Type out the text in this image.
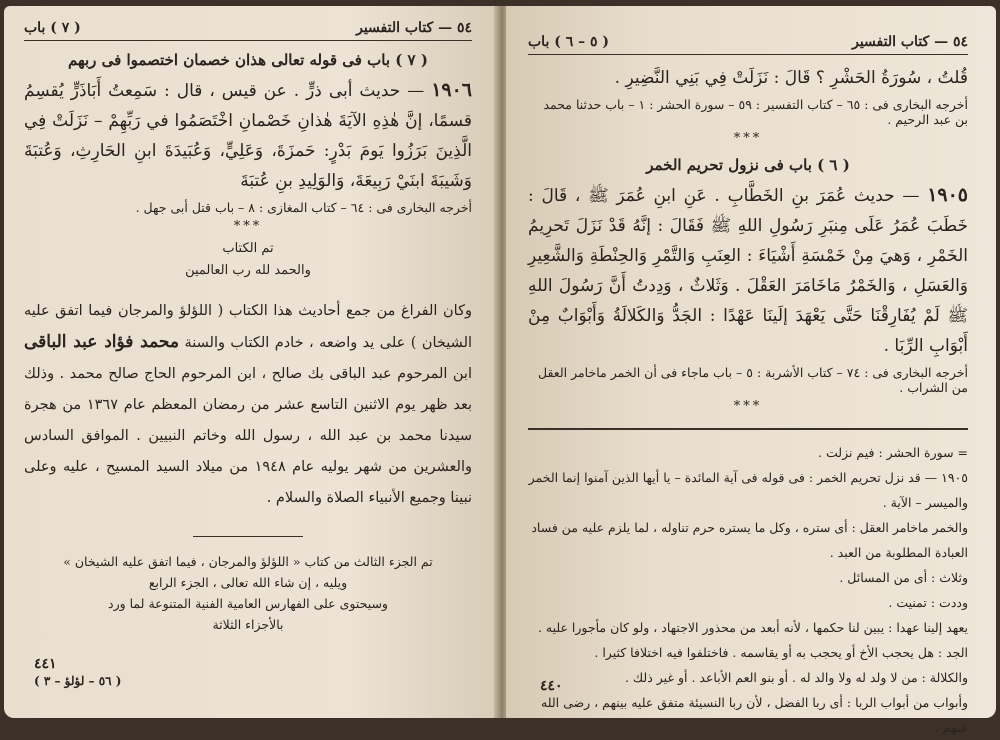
٥٤ — كتاب التفسير
( ٧ ) باب
( ٧ ) باب فى قوله تعالى هذان خصمان اختصموا فى ربهم
١٩٠٦ — حديث أبى ذرٍّ . عن قيس ، قال : سَمِعتُ أَبَاذَرٍّ يُقسِمُ قسمًا، إنَّ هٰذِهِ الآيَةَ هٰذانِ خَصْمانِ اخْتَصَمُوا في رَبِّهِمْ – نَزَلَتْ فِي الَّذِينَ بَرَزُوا يَومَ بَدْرٍ: حَمزَةَ، وَعَلِيٍّ، وَعُبَيدَةَ ابنِ الحَارِثِ، وَعُتبَةَ وَشَيبَةَ ابنَيْ رَبِيعَةَ، وَالوَلِيدِ بنِ عُتبَةَ
أخرجه البخارى فى : ٦٤ – كتاب المغازى : ٨ – باب قتل أبى جهل .
***
تم الكتاب
والحمد لله رب العالمين
وكان الفراغ من جمع أحاديث هذا الكتاب ( اللؤلؤ والمرجان فيما اتفق عليه الشيخان ) على يد واضعه ، خادم الكتاب والسنة محمد فؤاد عبد الباقى ابن المرحوم عبد الباقى بك صالح ، ابن المرحوم الحاج صالح محمد . وذلك بعد ظهر يوم الاثنين التاسع عشر من رمضان المعظم عام ١٣٦٧ من هجرة سيدنا محمد بن عبد الله ، رسول الله وخاتم النبيين . الموافق السادس والعشرين من شهر يوليه عام ١٩٤٨ من ميلاد السيد المسيح ، عليه وعلى نبينا وجميع الأنبياء الصلاة والسلام .
تم الجزء الثالث من كتاب « اللؤلؤ والمرجان ، فيما اتفق عليه الشيخان »
ويليه ، إن شاء الله تعالى ، الجزء الرابع
وسيحتوى على الفهارس العامية الفنية المتنوعة لما ورد
بالأجزاء الثلاثة
٤٤١
( ٥٦ – لؤلؤ – ٣ )
٥٤ — كتاب التفسير
( ٥ – ٦ ) باب
قُلتُ ، سُورَةُ الحَشْرِ ؟ قَالَ : نَزَلَتْ فِي بَنِي النَّضِيرِ .
أخرجه البخارى فى : ٦٥ – كتاب التفسير : ٥٩ – سورة الحشر : ١ – باب حدثنا محمد بن عبد الرحيم .
***
( ٦ ) باب فى نزول تحريم الخمر
١٩٠٥ — حديث عُمَرَ بنِ الخَطَّابِ . عَنِ ابنِ عُمَرَ ﷺ ، قَالَ : خَطَبَ عُمَرُ عَلَى مِنبَرِ رَسُولِ اللهِ ﷺ فَقَالَ : إنَّهُ قَدْ نَزَلَ تَحرِيمُ الخَمْرِ ، وَهيَ مِنْ خَمْسَةِ أَشْيَاءَ : العِنَبِ وَالتَّمْرِ وَالحِنْطَةِ وَالشَّعِيرِ وَالعَسَلِ ، وَالخَمْرُ مَاخَامَرَ العَقْلَ . وَثَلاثٌ ، وَدِدتُ أَنَّ رَسُولَ اللهِ ﷺ لَمْ يُفَارِقْنَا حَتَّى يَعْهَدَ إلَينَا عَهْدًا : الجَدُّ وَالكَلالَةُ وَأَبْوَابٌ مِنْ أَبْوَابِ الرِّبَا .
أخرجه البخارى فى : ٧٤ – كتاب الأشربة : ٥ – باب ماجاء فى أن الخمر ماخامر العقل من الشراب .
***
= سورة الحشر : فيم نزلت .
١٩٠٥ — قد نزل تحريم الخمر : فى قوله فى آية المائدة – يا أيها الذين آمنوا إنما الخمر والميسر – الآية .
والخمر ماخامر العقل : أى ستره ، وكل ما يستره حرم تناوله ، لما يلزم عليه من فساد العبادة المطلوبة من العبد .
وثلاث : أى من المسائل .
وددت : تمنيت .
يعهد إلينا عهدا : يبين لنا حكمها ، لأنه أبعد من محذور الاجتهاد ، ولو كان مأجورا عليه .
الجد : هل يحجب الأخ أو يحجب به أو يقاسمه . فاختلفوا فيه اختلافا كثيرا .
والكلالة : من لا ولد له ولا والد له . أو بنو العم الأباعد . أو غير ذلك .
وأبواب من أبواب الربا : أى ربا الفضل ، لأن ربا النسيئة متفق عليه بينهم ، رضى الله عنهم .
٤٤٠
